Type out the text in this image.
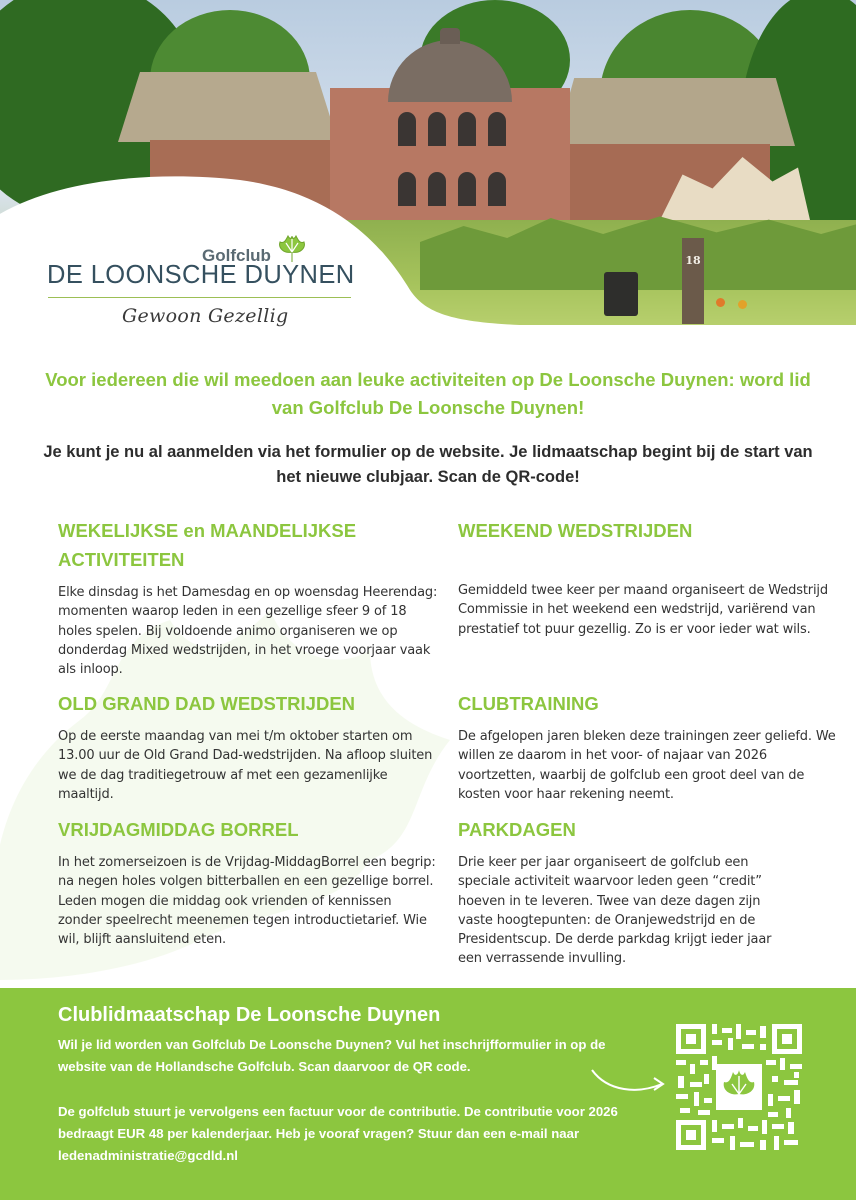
18
Golfclub
DE LOONSCHE DUYNEN
Gewoon Gezellig
Voor iedereen die wil meedoen aan leuke activiteiten op De Loonsche Duynen: word lid van Golfclub De Loonsche Duynen!
Je kunt je nu al aanmelden via het formulier op de website. Je lidmaatschap begint bij de start van het nieuwe clubjaar. Scan de QR-code!
WEKELIJKSE en MAANDELIJKSE ACTIVITEITEN

Elke dinsdag is het Damesdag en op woensdag Heerendag: momenten waarop leden in een gezellige sfeer 9 of 18 holes spelen. Bij voldoende animo organiseren we op donderdag Mixed wedstrijden, in het vroege voorjaar vaak als inloop.

OLD GRAND DAD WEDSTRIJDEN

Op de eerste maandag van mei t/m oktober starten om 13.00 uur de Old Grand Dad-wedstrijden. Na afloop sluiten we de dag traditiegetrouw af met een gezamenlijke maaltijd.

VRIJDAGMIDDAG BORREL

In het zomerseizoen is de Vrijdag-MiddagBorrel een begrip: na negen holes volgen bitterballen en een gezellige borrel. Leden mogen die middag ook vrienden of kennissen zonder speelrecht meenemen tegen introductietarief. Wie wil, blijft aansluitend eten.

WEEKEND WEDSTRIJDEN

Gemiddeld twee keer per maand organiseert de Wedstrijd Commissie in het weekend een wedstrijd, variërend van prestatief tot puur gezellig. Zo is er voor ieder wat wils.

CLUBTRAINING

De afgelopen jaren bleken deze trainingen zeer geliefd. We willen ze daarom in het voor- of najaar van 2026 voortzetten, waarbij de golfclub een groot deel van de kosten voor haar rekening neemt.

PARKDAGEN

Drie keer per jaar organiseert de golfclub een speciale activiteit waarvoor leden geen “credit” hoeven in te leveren. Twee van deze dagen zijn vaste hoogtepunten: de Oranjewedstrijd en de Presidentscup. De derde parkdag krijgt ieder jaar een verrassende invulling.

Clublidmaatschap De Loonsche Duynen

Wil je lid worden van Golfclub De Loonsche Duynen? Vul het inschrijfformulier in op de website van de Hollandsche Golfclub. Scan daarvoor de QR code.

De golfclub stuurt je vervolgens een factuur voor de contributie. De contributie voor 2026 bedraagt EUR 48 per kalenderjaar. Heb je vooraf vragen? Stuur dan een e-mail naar ledenadministratie@gcdld.nl
